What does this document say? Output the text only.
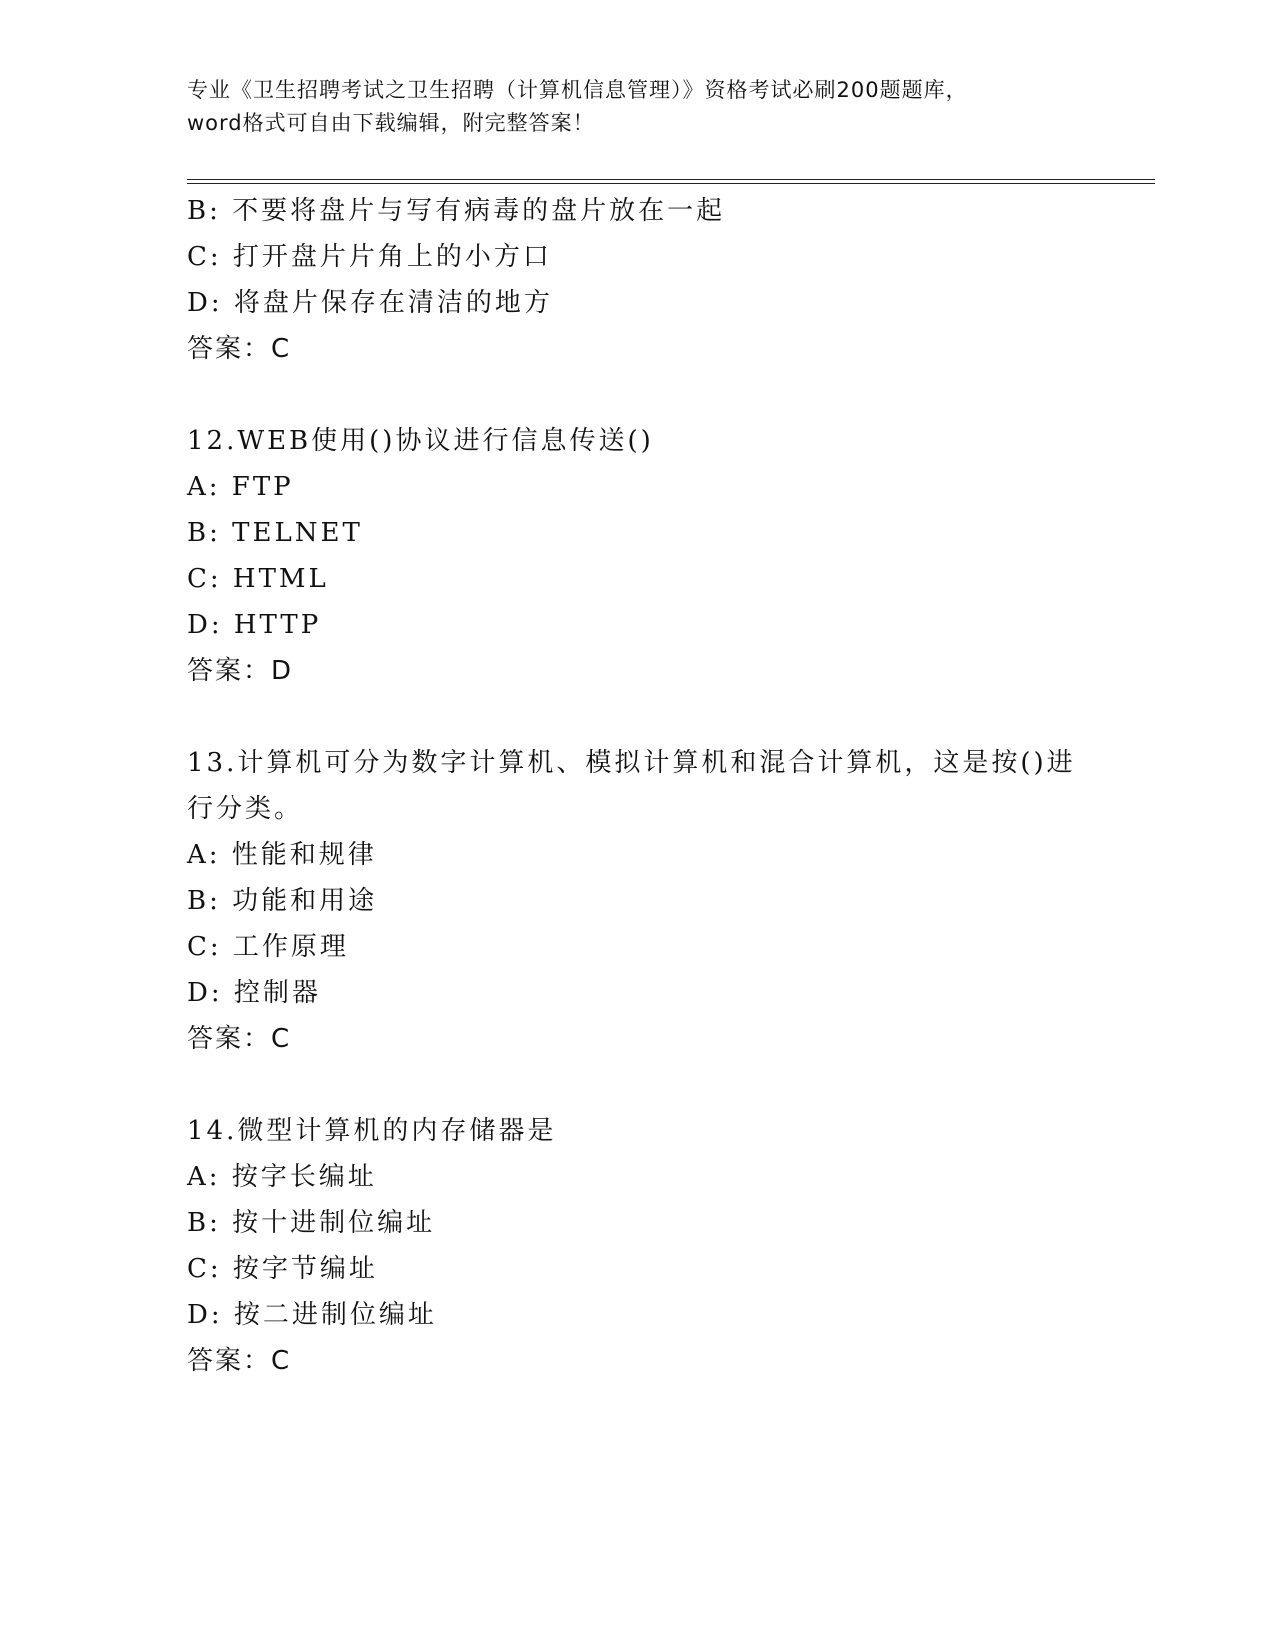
专业《卫生招聘考试之卫生招聘（计算机信息管理）》资格考试必刷200题题库，
word格式可自由下载编辑，附完整答案！
B: 不要将盘片与写有病毒的盘片放在一起
C: 打开盘片片角上的小方口
D: 将盘片保存在清洁的地方
答案：C
12.WEB使用()协议进行信息传送()
A: FTP
B: TELNET
C: HTML
D: HTTP
答案：D
13.计算机可分为数字计算机、模拟计算机和混合计算机，这是按()进
行分类。
A: 性能和规律
B: 功能和用途
C: 工作原理
D: 控制器
答案：C
14.微型计算机的内存储器是
A: 按字长编址
B: 按十进制位编址
C: 按字节编址
D: 按二进制位编址
答案：C
